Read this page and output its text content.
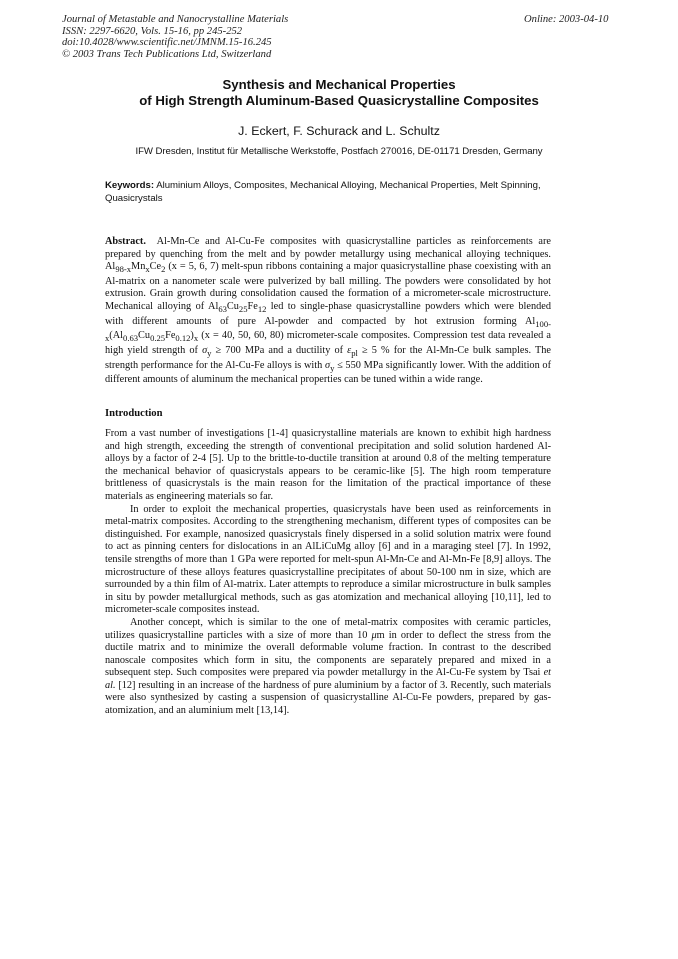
Journal of Metastable and Nanocrystalline Materials
ISSN: 2297-6620, Vols. 15-16, pp 245-252
doi:10.4028/www.scientific.net/JMNM.15-16.245
© 2003 Trans Tech Publications Ltd, Switzerland
Online: 2003-04-10
Synthesis and Mechanical Properties
of High Strength Aluminum-Based Quasicrystalline Composites
J. Eckert, F. Schurack and L. Schultz
IFW Dresden, Institut für Metallische Werkstoffe, Postfach 270016, DE-01171 Dresden, Germany
Keywords: Aluminium Alloys, Composites, Mechanical Alloying, Mechanical Properties, Melt Spinning, Quasicrystals
Abstract. Al-Mn-Ce and Al-Cu-Fe composites with quasicrystalline particles as reinforcements are prepared by quenching from the melt and by powder metallurgy using mechanical alloying techniques. $Al_{98-x}Mn_xCe_2$ (x = 5, 6, 7) melt-spun ribbons containing a major quasicrystalline phase coexisting with an Al-matrix on a nanometer scale were pulverized by ball milling. The powders were consolidated by hot extrusion. Grain growth during consolidation caused the formation of a micrometer-scale microstructure. Mechanical alloying of $Al_{63}Cu_{25}Fe_{12}$ led to single-phase quasicrystalline powders which were blended with different amounts of pure Al-powder and compacted by hot extrusion forming $Al_{100-x}(Al_{0.63}Cu_{0.25}Fe_{0.12})_x$ (x = 40, 50, 60, 80) micrometer-scale composites. Compression test data revealed a high yield strength of $\sigma_y \ge 700$ MPa and a ductility of $\varepsilon_{pl} \ge 5$ % for the Al-Mn-Ce bulk samples. The strength performance for the Al-Cu-Fe alloys is with $\sigma_y \le 550$ MPa significantly lower. With the addition of different amounts of aluminum the mechanical properties can be tuned within a wide range.
Introduction

From a vast number of investigations [1-4] quasicrystalline materials are known to exhibit high hardness and high strength, exceeding the strength of conventional precipitation and solid solution hardened Al-alloys by a factor of 2-4 [5]. Up to the brittle-to-ductile transition at around 0.8 of the melting temperature the mechanical behavior of quasicrystals appears to be ceramic-like [5]. The high room temperature brittleness of quasicrystals is the main reason for the limitation of the practical importance of these materials as engineering materials so far.

In order to exploit the mechanical properties, quasicrystals have been used as reinforcements in metal-matrix composites. According to the strengthening mechanism, different types of composites can be distinguished. For example, nanosized quasicrystals finely dispersed in a solid solution matrix were found to act as pinning centers for dislocations in an AlLiCuMg alloy [6] and in a maraging steel [7]. In 1992, tensile strengths of more than 1 GPa were reported for melt-spun Al-Mn-Ce and Al-Mn-Fe [8,9] alloys. The microstructure of these alloys features quasicrystalline precipitates of about 50-100 nm in size, which are surrounded by a thin film of Al-matrix. Later attempts to reproduce a similar microstructure in bulk samples in situ by powder metallurgical methods, such as gas atomization and mechanical alloying [10,11], led to micrometer-scale composites instead.

Another concept, which is similar to the one of metal-matrix composites with ceramic particles, utilizes quasicrystalline particles with a size of more than 10 μm in order to deflect the stress from the ductile matrix and to minimize the overall deformable volume fraction. In contrast to the described nanoscale composites which form in situ, the components are separately prepared and mixed in a subsequent step. Such composites were prepared via powder metallurgy in the Al-Cu-Fe system by Tsai et al. [12] resulting in an increase of the hardness of pure aluminium by a factor of 3. Recently, such materials were also synthesized by casting a suspension of quasicrystalline Al-Cu-Fe powders, prepared by gas-atomization, and an aluminium melt [13,14].
